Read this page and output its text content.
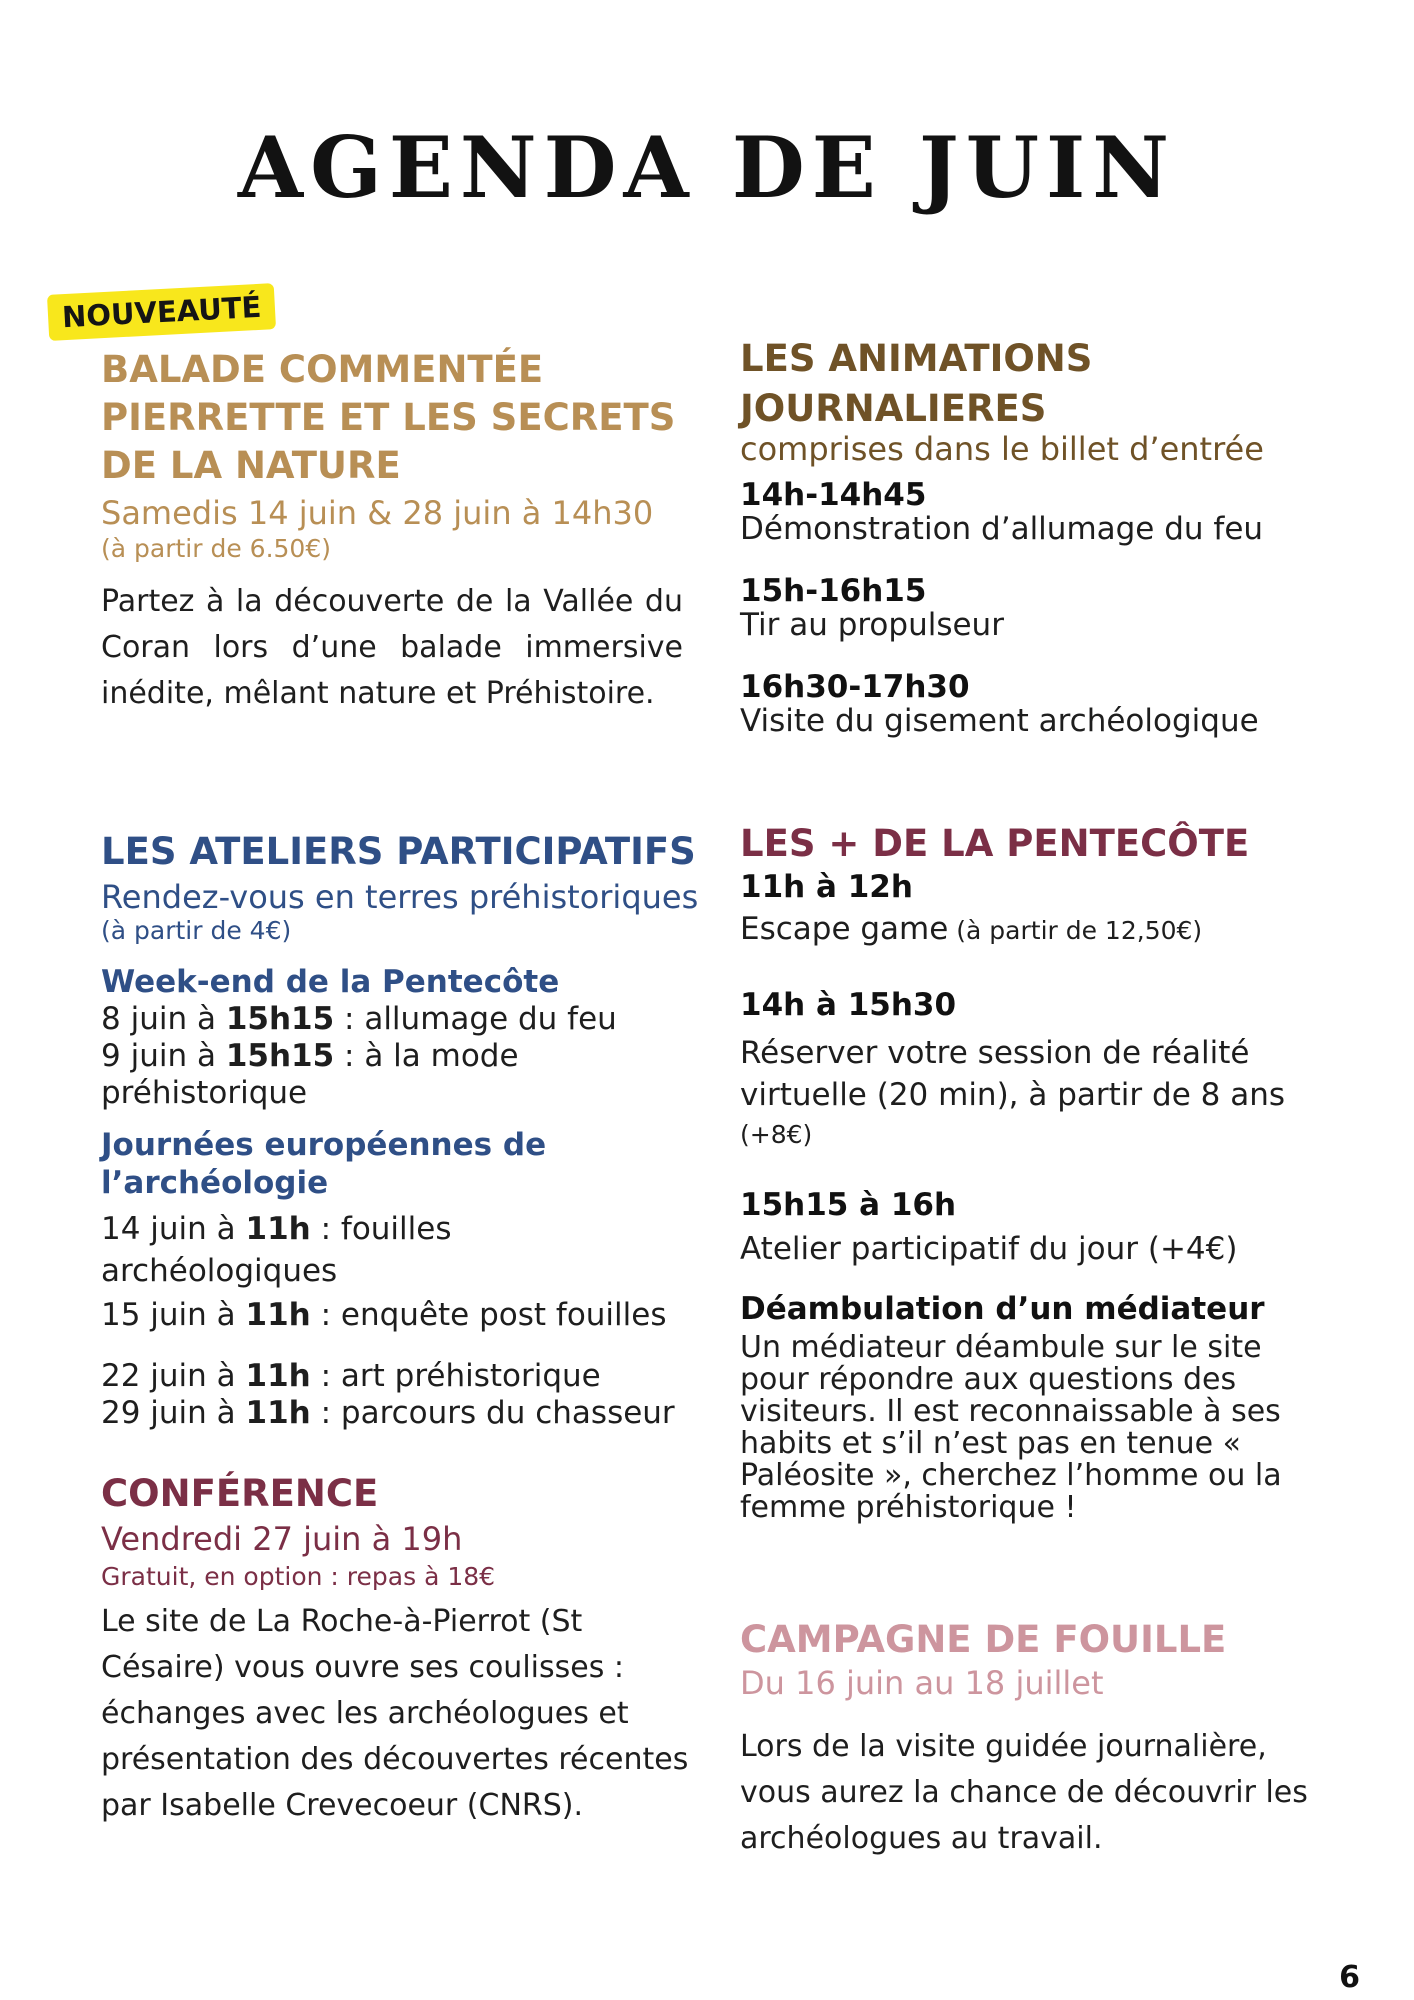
AGENDA DE JUIN
NOUVEAUTÉ
BALADE COMMENTÉE
PIERRETTE ET LES SECRETS
DE LA NATURE
Samedis 14 juin & 28 juin à 14h30
(à partir de 6.50€)
Partez à la découverte de la Vallée du Coran lors d’une balade immersive inédite, mêlant nature et Préhistoire.
LES ATELIERS PARTICIPATIFS
Rendez-vous en terres préhistoriques
(à partir de 4€)
Week-end de la Pentecôte
8 juin à 15h15 : allumage du feu
9 juin à 15h15 : à la mode préhistorique
Journées européennes de l’archéologie
14 juin à 11h : fouilles archéologiques
15 juin à 11h : enquête post fouilles
22 juin à 11h : art préhistorique
29 juin à 11h : parcours du chasseur
CONFÉRENCE
Vendredi 27 juin à 19h
Gratuit, en option : repas à 18€
Le site de La Roche-à-Pierrot (St Césaire) vous ouvre ses coulisses : échanges avec les archéologues et présentation des découvertes récentes par Isabelle Crevecoeur (CNRS).
LES ANIMATIONS
JOURNALIERES
comprises dans le billet d’entrée
14h-14h45
Démonstration d’allumage du feu
15h-16h15
Tir au propulseur
16h30-17h30
Visite du gisement archéologique
LES + DE LA PENTECÔTE
11h à 12h
Escape game (à partir de 12,50€)
14h à 15h30
Réserver votre session de réalité virtuelle (20 min), à partir de 8 ans
(+8€)
15h15 à 16h
Atelier participatif du jour (+4€)
Déambulation d’un médiateur
Un médiateur déambule sur le site pour répondre aux questions des visiteurs. Il est reconnaissable à ses habits et s’il n’est pas en tenue « Paléosite », cherchez l’homme ou la femme préhistorique !
CAMPAGNE DE FOUILLE
Du 16 juin au 18 juillet
Lors de la visite guidée journalière, vous aurez la chance de découvrir les archéologues au travail.
6
